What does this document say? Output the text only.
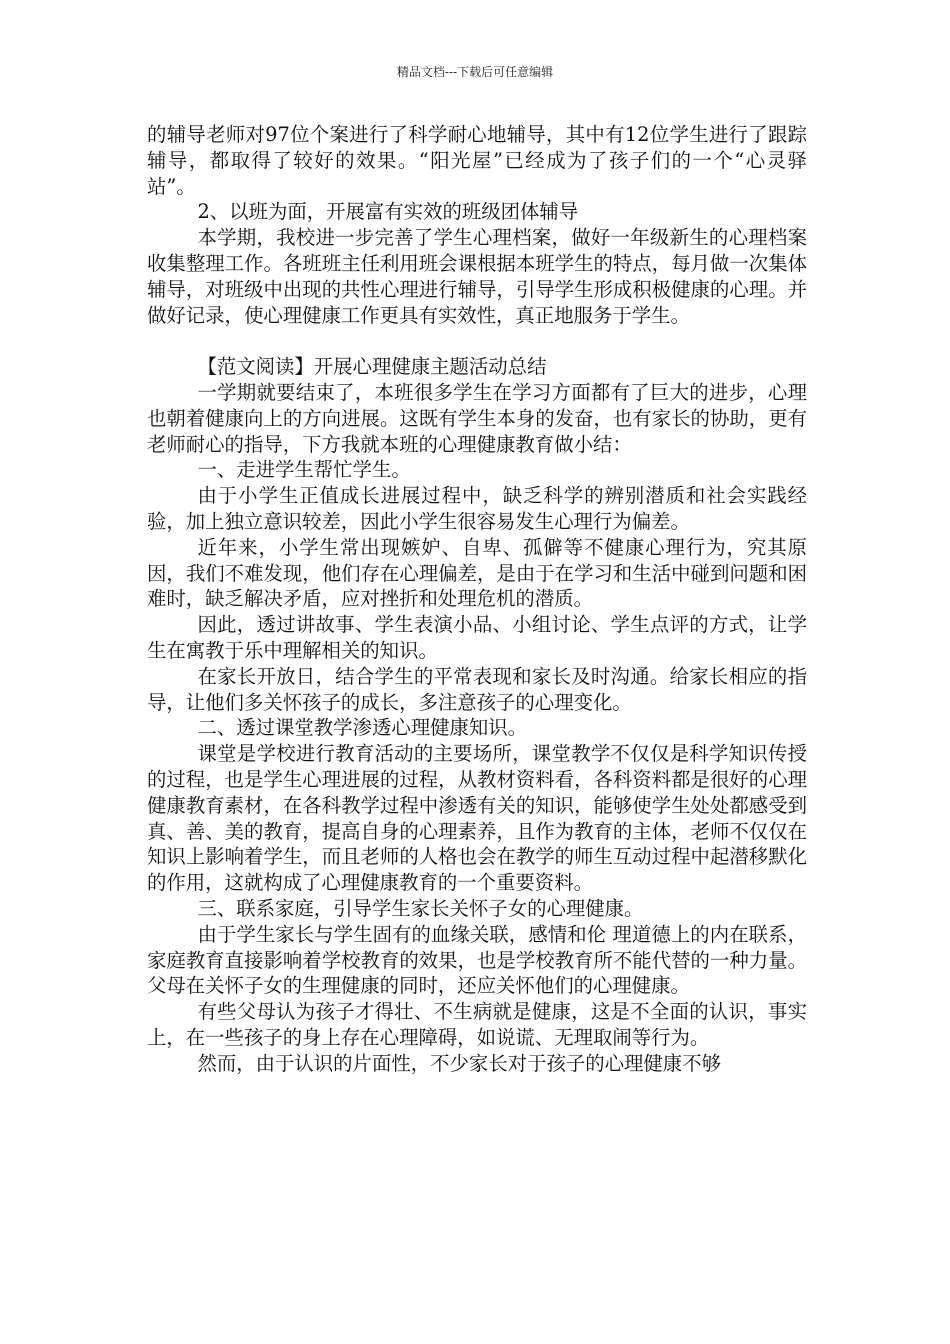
精品文档---下载后可任意编辑

的辅导老师对97位个案进行了科学耐心地辅导，其中有12位学生进行了跟踪辅导，都取得了较好的效果。“阳光屋”已经成为了孩子们的一个“心灵驿站”。

2、以班为面，开展富有实效的班级团体辅导

本学期，我校进一步完善了学生心理档案，做好一年级新生的心理档案收集整理工作。各班班主任利用班会课根据本班学生的特点，每月做一次集体辅导，对班级中出现的共性心理进行辅导，引导学生形成积极健康的心理。并做好记录，使心理健康工作更具有实效性，真正地服务于学生。

【范文阅读】开展心理健康主题活动总结

一学期就要结束了，本班很多学生在学习方面都有了巨大的进步，心理也朝着健康向上的方向进展。这既有学生本身的发奋，也有家长的协助，更有老师耐心的指导，下方我就本班的心理健康教育做小结：

一、走进学生帮忙学生。

由于小学生正值成长进展过程中，缺乏科学的辨别潜质和社会实践经验，加上独立意识较差，因此小学生很容易发生心理行为偏差。

近年来，小学生常出现嫉妒、自卑、孤僻等不健康心理行为，究其原因，我们不难发现，他们存在心理偏差，是由于在学习和生活中碰到问题和困难时，缺乏解决矛盾，应对挫折和处理危机的潜质。

因此，透过讲故事、学生表演小品、小组讨论、学生点评的方式，让学生在寓教于乐中理解相关的知识。

在家长开放日，结合学生的平常表现和家长及时沟通。给家长相应的指导，让他们多关怀孩子的成长，多注意孩子的心理变化。

二、透过课堂教学渗透心理健康知识。

课堂是学校进行教育活动的主要场所，课堂教学不仅仅是科学知识传授的过程，也是学生心理进展的过程，从教材资料看，各科资料都是很好的心理健康教育素材，在各科教学过程中渗透有关的知识，能够使学生处处都感受到真、善、美的教育，提高自身的心理素养，且作为教育的主体，老师不仅仅在知识上影响着学生，而且老师的人格也会在教学的师生互动过程中起潜移默化的作用，这就构成了心理健康教育的一个重要资料。

三、联系家庭，引导学生家长关怀子女的心理健康。

由于学生家长与学生固有的血缘关联，感情和伦 理道德上的内在联系，家庭教育直接影响着学校教育的效果，也是学校教育所不能代替的一种力量。父母在关怀子女的生理健康的同时，还应关怀他们的心理健康。

有些父母认为孩子才得壮、不生病就是健康，这是不全面的认识，事实上，在一些孩子的身上存在心理障碍，如说谎、无理取闹等行为。

然而，由于认识的片面性，不少家长对于孩子的心理健康不够
